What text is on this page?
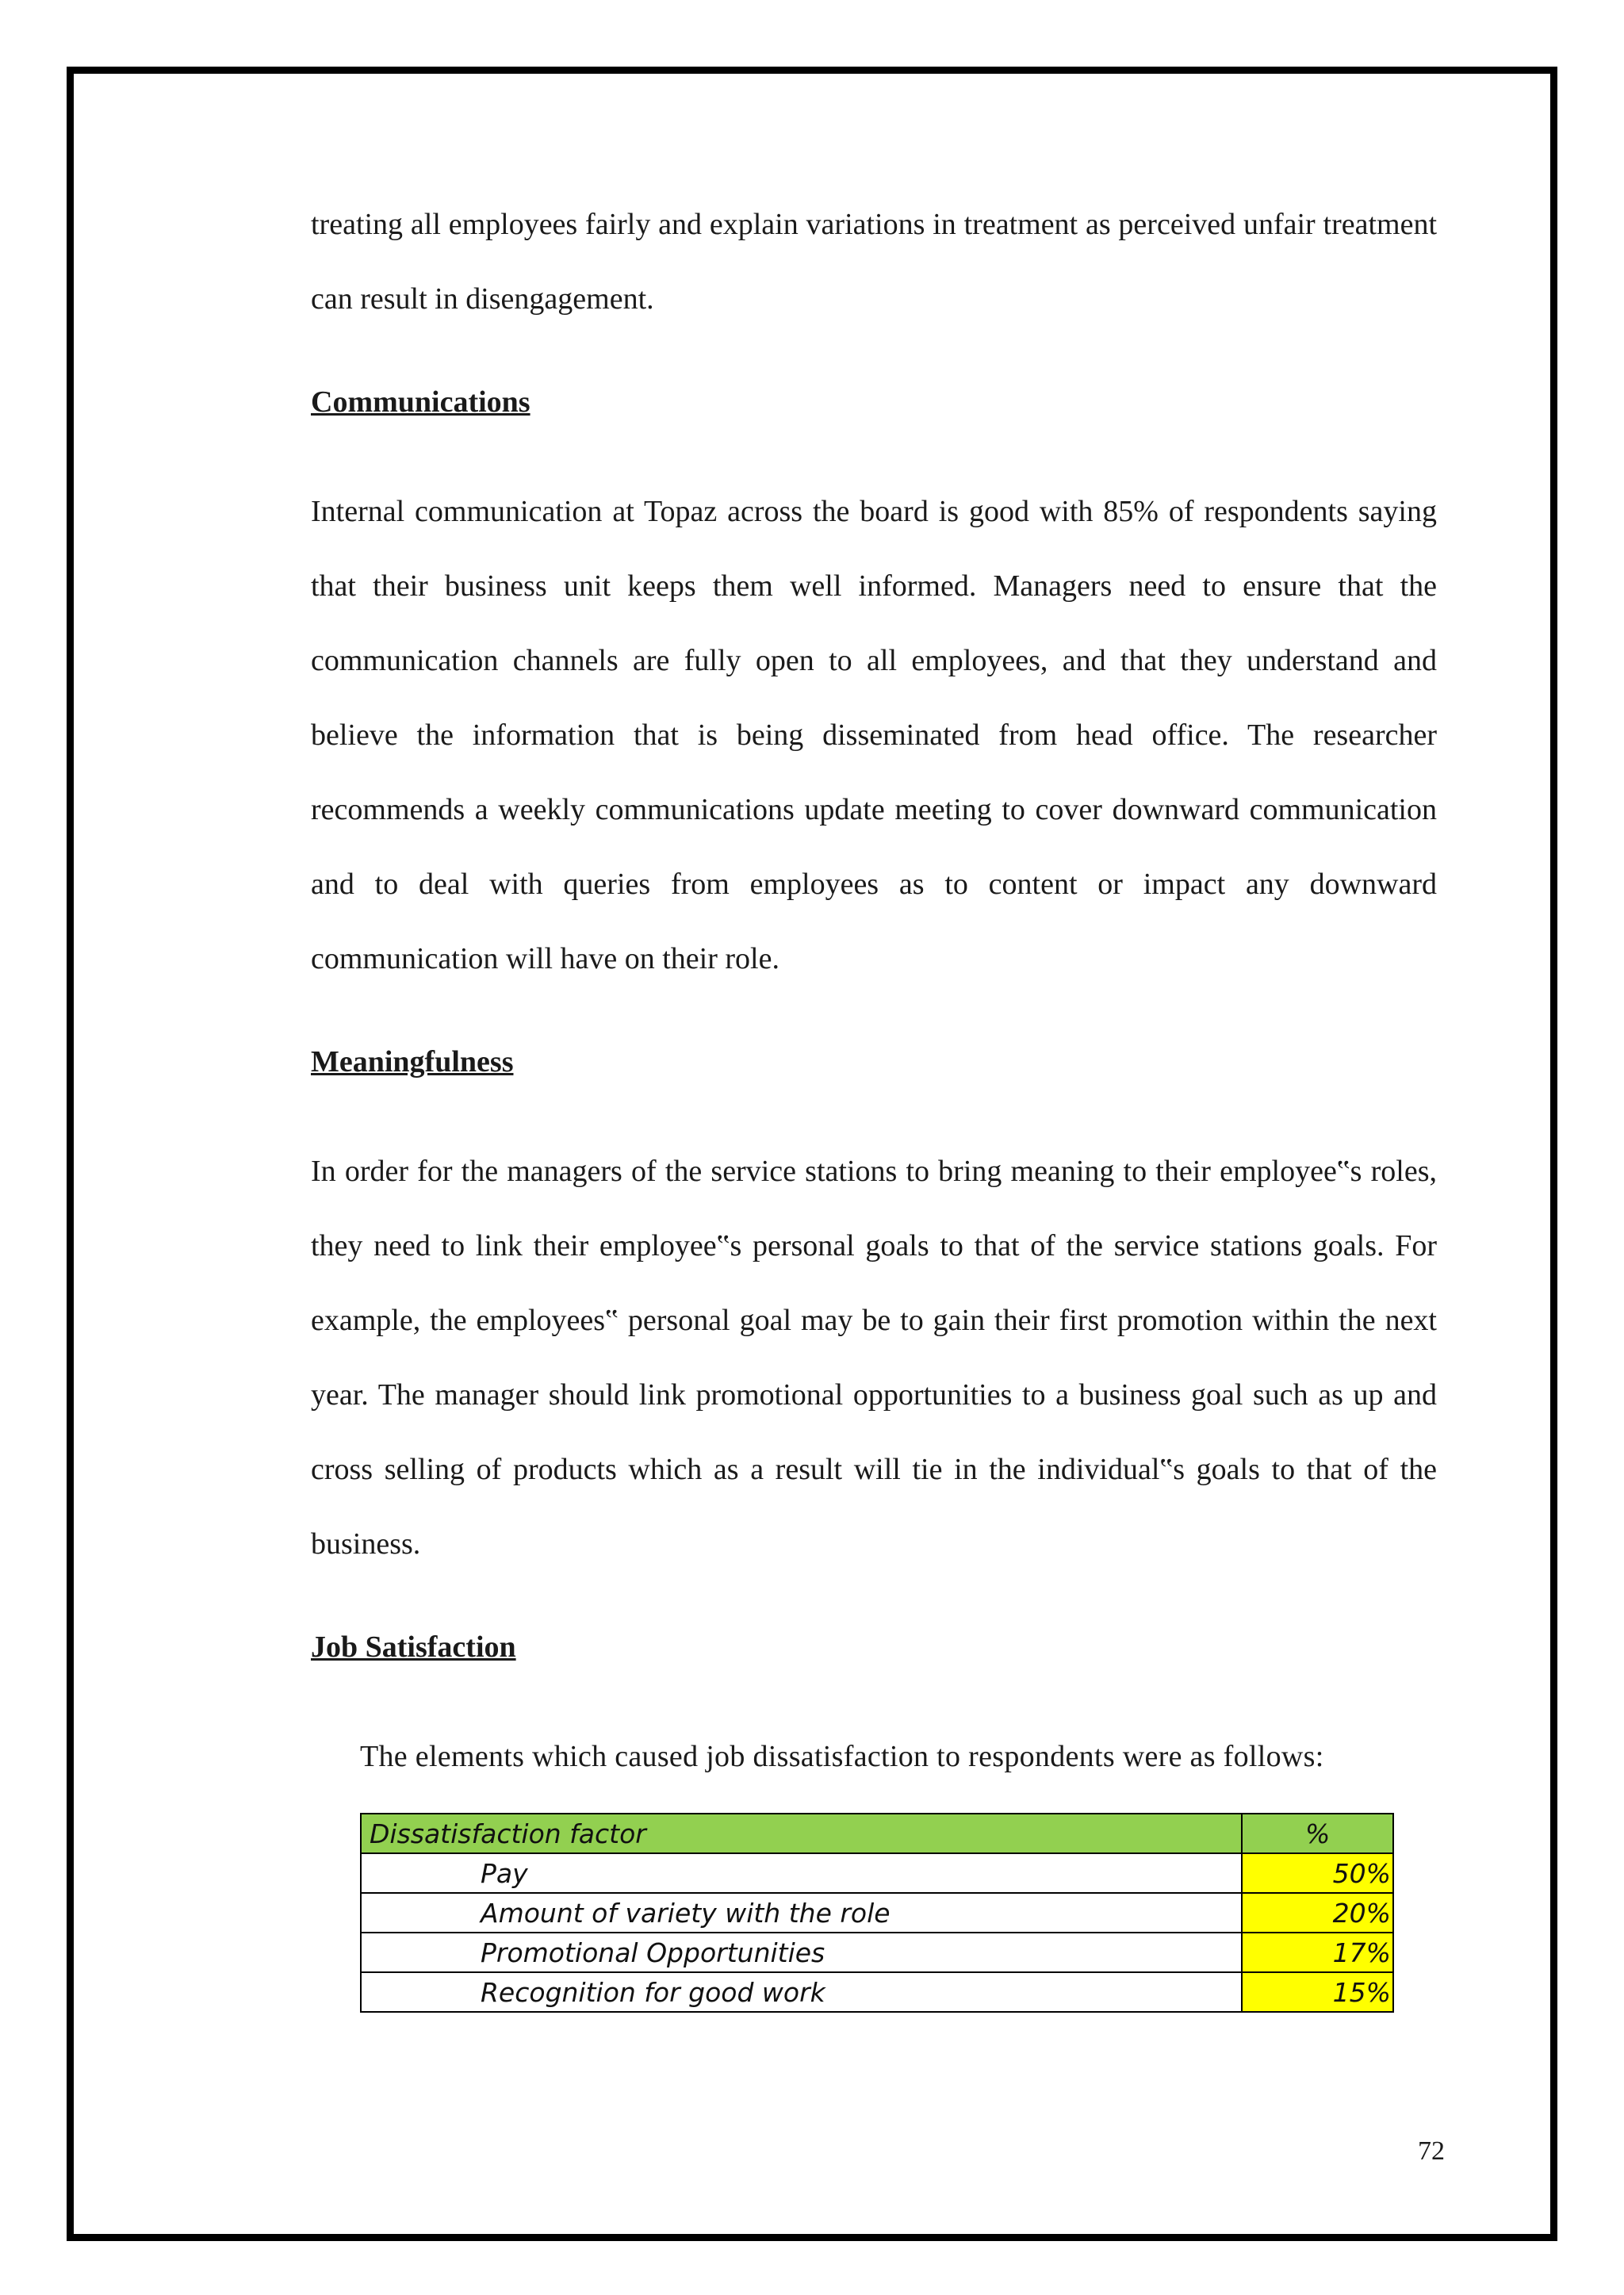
treating all employees fairly and explain variations in treatment as perceived unfair treatment can result in disengagement.

Communications

Internal communication at Topaz across the board is good with 85% of respondents saying that their business unit keeps them well informed. Managers need to ensure that the communication channels are fully open to all employees, and that they understand and believe the information that is being disseminated from head office. The researcher recommends a weekly communications update meeting to cover downward communication and to deal with queries from employees as to content or impact any downward communication will have on their role.

Meaningfulness

In order for the managers of the service stations to bring meaning to their employee‟s roles, they need to link their employee‟s personal goals to that of the service stations goals. For example, the employees‟ personal goal may be to gain their first promotion within the next year. The manager should link promotional opportunities to a business goal such as up and cross selling of products which as a result will tie in the individual‟s goals to that of the business.

Job Satisfaction

The elements which caused job dissatisfaction to respondents were as follows:

Dissatisfaction factor	%
Pay	50%
Amount of variety with the role	20%
Promotional Opportunities	17%
Recognition for good work	15%
72
